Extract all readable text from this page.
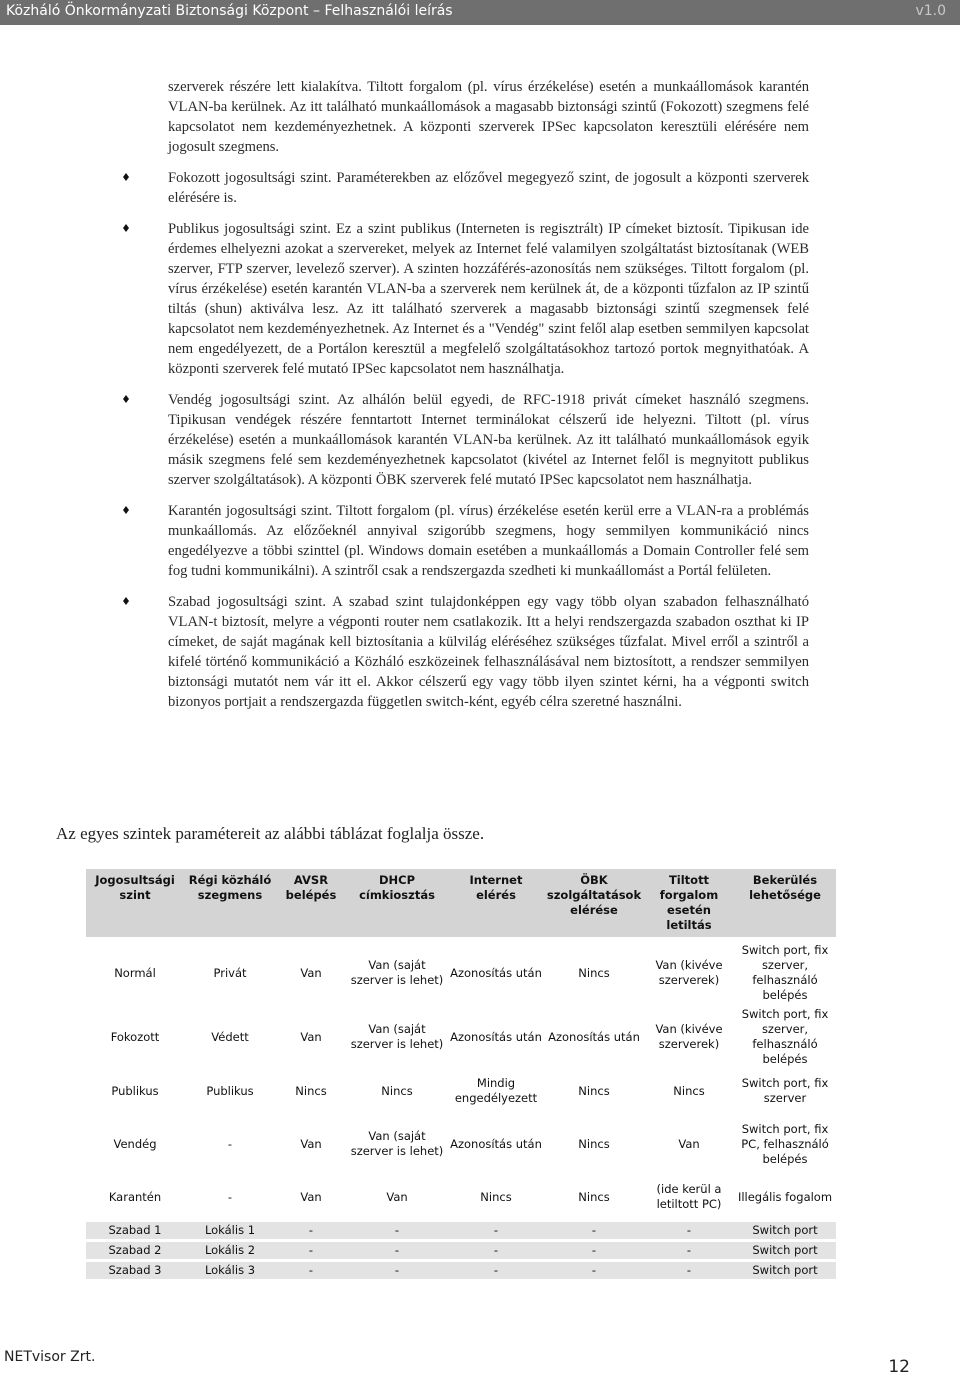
Közháló Önkormányzati Biztonsági Központ – Felhasználói leírás	v1.0

szerverek részére lett kialakítva. Tiltott forgalom (pl. vírus érzékelése) esetén a munkaállomások karantén VLAN-ba kerülnek. Az itt található munkaállomások a magasabb biztonsági szintű (Fokozott) szegmens felé kapcsolatot nem kezdeményezhetnek. A központi szerverek IPSec kapcsolaton keresztüli elérésére nem jogosult szegmens.

Fokozott jogosultsági szint. Paraméterekben az előzővel megegyező szint, de jogosult a központi szerverek elérésére is.

Publikus jogosultsági szint. Ez a szint publikus (Interneten is regisztrált) IP címeket biztosít. Tipikusan ide érdemes elhelyezni azokat a szervereket, melyek az Internet felé valamilyen szolgáltatást biztosítanak (WEB szerver, FTP szerver, levelező szerver). A szinten hozzáférés-azonosítás nem szükséges. Tiltott forgalom (pl. vírus érzékelése) esetén karantén VLAN-ba a szerverek nem kerülnek át, de a központi tűzfalon az IP szintű tiltás (shun) aktiválva lesz. Az itt található szerverek a magasabb biztonsági szintű szegmensek felé kapcsolatot nem kezdeményezhetnek. Az Internet és a "Vendég" szint felől alap esetben semmilyen kapcsolat nem engedélyezett, de a Portálon keresztül a megfelelő szolgáltatásokhoz tartozó portok megnyithatóak. A központi szerverek felé mutató IPSec kapcsolatot nem használhatja.

Vendég jogosultsági szint. Az alhálón belül egyedi, de RFC-1918 privát címeket használó szegmens. Tipikusan vendégek részére fenntartott Internet terminálokat célszerű ide helyezni. Tiltott (pl. vírus érzékelése) esetén a munkaállomások karantén VLAN-ba kerülnek. Az itt található munkaállomások egyik másik szegmens felé sem kezdeményezhetnek kapcsolatot (kivétel az Internet felől is megnyitott publikus szerver szolgáltatások). A központi ÖBK szerverek felé mutató IPSec kapcsolatot nem használhatja.

Karantén jogosultsági szint. Tiltott forgalom (pl. vírus) érzékelése esetén kerül erre a VLAN-ra a problémás munkaállomás. Az előzőeknél annyival szigorúbb szegmens, hogy semmilyen kommunikáció nincs engedélyezve a többi szinttel (pl. Windows domain esetében a munkaállomás a Domain Controller felé sem fog tudni kommunikálni). A szintről csak a rendszergazda szedheti ki munkaállomást a Portál felületen.

Szabad jogosultsági szint. A szabad szint tulajdonképpen egy vagy több olyan szabadon felhasználható VLAN-t biztosít, melyre a végponti router nem csatlakozik. Itt a helyi rendszergazda szabadon oszthat ki IP címeket, de saját magának kell biztosítania a külvilág eléréséhez szükséges tűzfalat. Mivel erről a szintről a kifelé történő kommunikáció a Közháló eszközeinek felhasználásával nem biztosított, a rendszer semmilyen biztonsági mutatót nem vár itt el. Akkor célszerű egy vagy több ilyen szintet kérni, ha a végponti switch bizonyos portjait a rendszergazda független switch-ként, egyéb célra szeretné használni.

Az egyes szintek paramétereit az alábbi táblázat foglalja össze.
Jogosultsági szint	Régi közháló szegmens	AVSR belépés	DHCP címkiosztás	Internet elérés	ÖBK szolgáltatások elérése	Tiltott forgalom esetén letiltás	Bekerülés lehetősége
Normál	Privát	Van	Van (saját szerver is lehet)	Azonosítás után	Nincs	Van (kivéve szerverek)	Switch port, fix szerver, felhasználó belépés
Fokozott	Védett	Van	Van (saját szerver is lehet)	Azonosítás után	Azonosítás után	Van (kivéve szerverek)	Switch port, fix szerver, felhasználó belépés
Publikus	Publikus	Nincs	Nincs	Mindig engedélyezett	Nincs	Nincs	Switch port, fix szerver
Vendég	-	Van	Van (saját szerver is lehet)	Azonosítás után	Nincs	Van	Switch port, fix PC, felhasználó belépés
Karantén	-	Van	Van	Nincs	Nincs	(ide kerül a letiltott PC)	Illegális fogalom
Szabad 1	Lokális 1	-	-	-	-	-	Switch port
Szabad 2	Lokális 2	-	-	-	-	-	Switch port
Szabad 3	Lokális 3	-	-	-	-	-	Switch port
NETvisor Zrt.	12
